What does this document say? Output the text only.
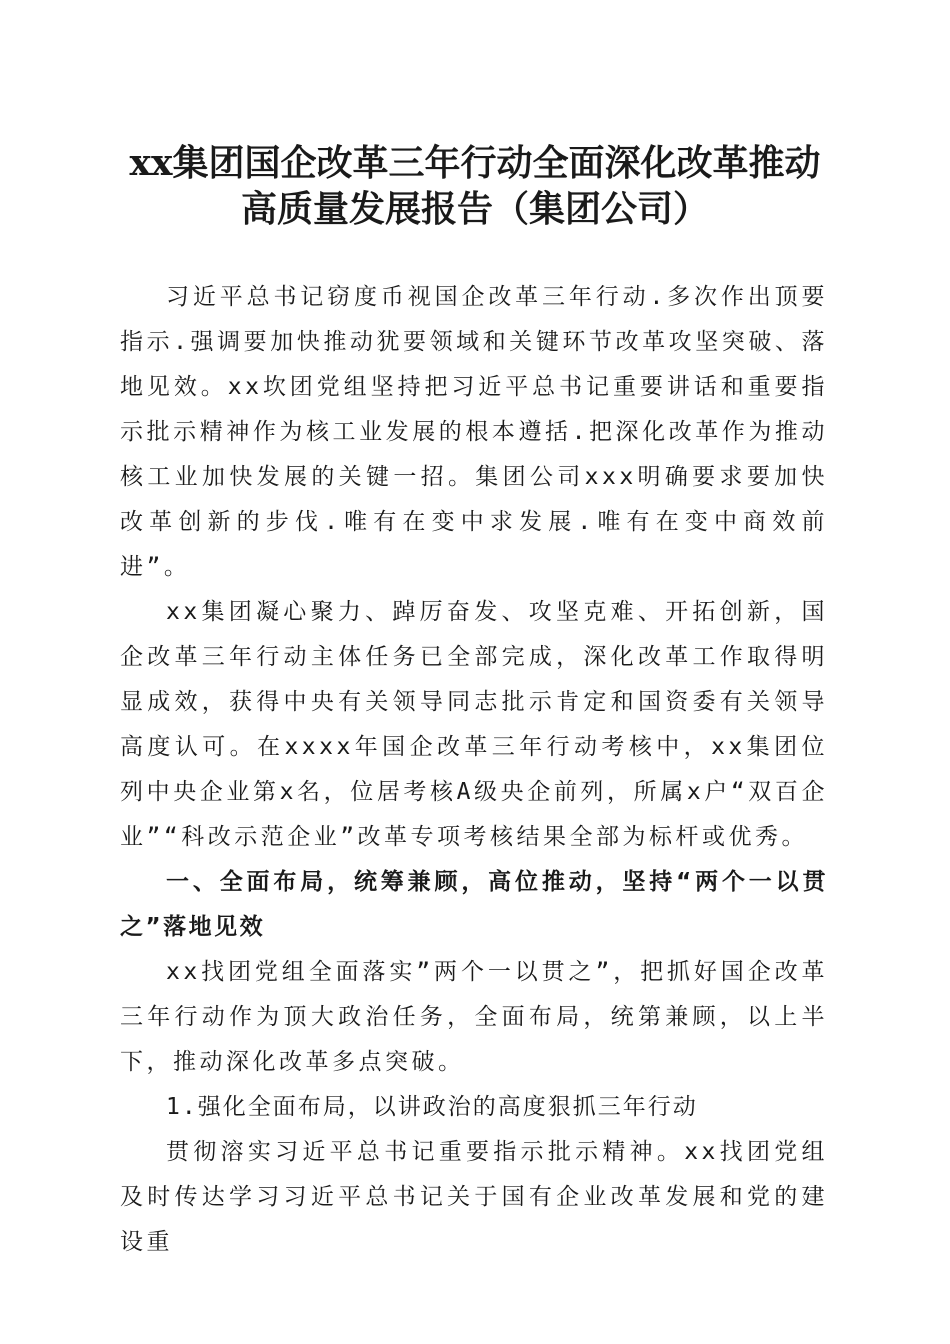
xx集团国企改革三年行动全面深化改革推动
高质量发展报告（集团公司）

习近平总书记窃度币视国企改革三年行动.多次作出顶要指示.强调要加快推动犹要领域和关键环节改革攻坚突破、落地见效。xx坎团党组坚持把习近平总书记重要讲话和重要指示批示精神作为核工业发展的根本遵括.把深化改革作为推动核工业加快发展的关键一招。集团公司xxx明确要求要加快改革创新的步伐.唯有在变中求发展.唯有在变中商效前进”。

xx集团凝心聚力、踔厉奋发、攻坚克难、开拓创新，国企改革三年行动主体任务已全部完成，深化改革工作取得明显成效，获得中央有关领导同志批示肯定和国资委有关领导高度认可。在xxxx年国企改革三年行动考核中，xx集团位列中央企业第x名，位居考核A级央企前列，所属x户“双百企业”“科改示范企业”改革专项考核结果全部为标杆或优秀。

一、全面布局，统筹兼顾，高位推动，坚持“两个一以贯之”落地见效

xx找团党组全面落实”两个一以贯之”，把抓好国企改革三年行动作为顶大政治任务，全面布局，统第兼顾，以上半下，推动深化改革多点突破。

1.强化全面布局，以讲政治的高度狠抓三年行动

贯彻溶实习近平总书记重要指示批示精神。xx找团党组及时传达学习习近平总书记关于国有企业改革发展和党的建设重
